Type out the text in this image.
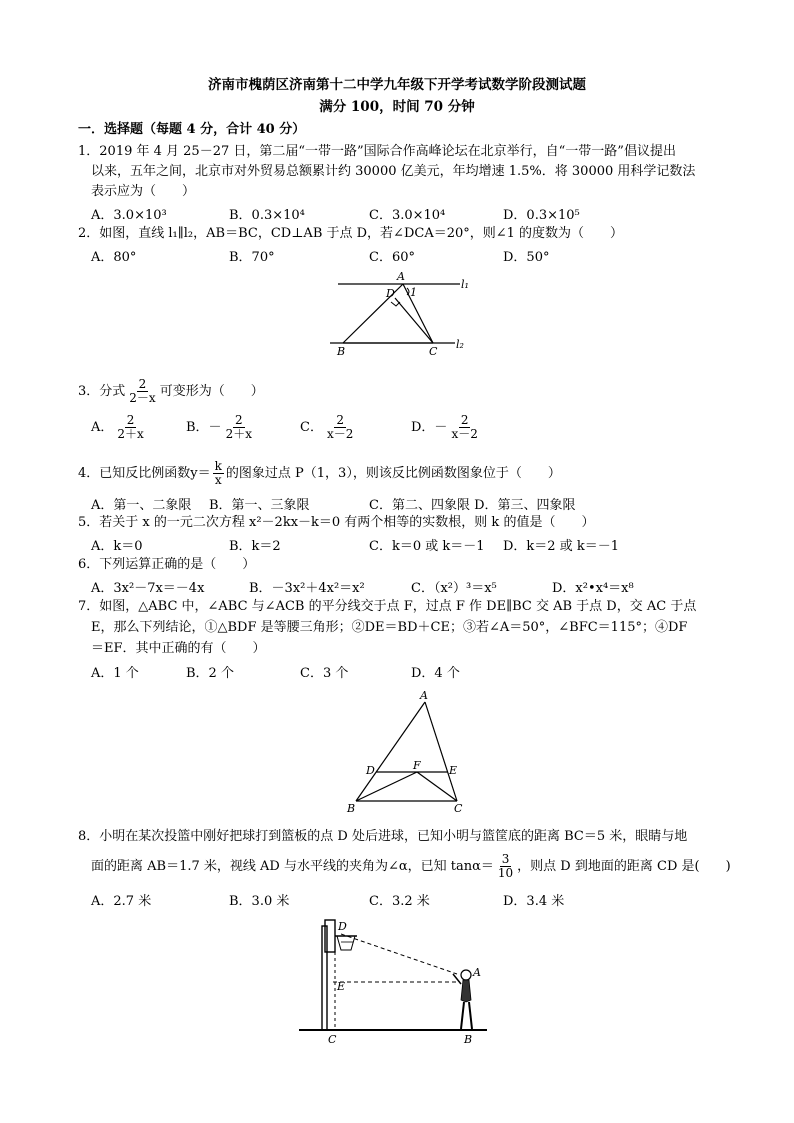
济南市槐荫区济南第十二中学九年级下开学考试数学阶段测试题
满分 100，时间 70 分钟
一．选择题（每题 4 分，合计 40 分）
1．2019 年 4 月 25－27 日，第二届“一带一路”国际合作高峰论坛在北京举行，自“一带一路”倡议提出
以来，五年之间，北京市对外贸易总额累计约 30000 亿美元，年均增速 1.5%．将 30000 用科学记数法
表示应为（　　）
A．3.0×10³	B．0.3×10⁴	C．3.0×10⁴	D．0.3×10⁵
2．如图，直线 l₁∥l₂，AB＝BC，CD⊥AB 于点 D，若∠DCA＝20°，则∠1 的度数为（　　）
A．80°	B．70°	C．60°	D．50°
A
D 1
l₁
l₂
B	C
3．分式 $\frac{2}{2-x}$ 可变形为（　　）
A． $\frac{2}{2+x}$	B．－ $\frac{2}{2+x}$	C． $\frac{2}{x-2}$	D．－ $\frac{2}{x-2}$
4．已知反比例函数$y= \frac{k}{x}$ 的图象过点 P（1，3），则该反比例函数图象位于（　　）
A．第一、二象限 B．第一、三象限	C．第二、四象限 D．第三、四象限
5．若关于 x 的一元二次方程 x²－2kx－k＝0 有两个相等的实数根，则 k 的值是（　　）
A．k＝0	B．k＝2	C．k＝0 或 k＝－1 D．k＝2 或 k＝－1
6．下列运算正确的是（　　）
A．3x²－7x＝－4x	B．－3x²＋4x²＝x²	C．（x²）³＝x⁵	D．x²•x⁴＝x⁸
7．如图，△ABC 中，∠ABC 与∠ACB 的平分线交于点 F，过点 F 作 DE∥BC 交 AB 于点 D，交 AC 于点
E，那么下列结论，①△BDF 是等腰三角形；②DE＝BD＋CE；③若∠A＝50°，∠BFC＝115°；④DF
＝EF．其中正确的有（　　）
A．1 个	B．2 个	C．3 个	D．4 个
A
D	F	E
B	C
8．小明在某次投篮中刚好把球打到篮板的点 D 处后进球，已知小明与篮筐底的距离 BC＝5 米，眼睛与地
面的距离 AB＝1.7 米，视线 AD 与水平线的夹角为∠α，已知 $\tan\alpha= \frac{3}{10}$ ，则点 D 到地面的距离 CD 是(　　)
A．2.7 米	B．3.0 米	C．3.2 米	D．3.4 米
D
A
E
C	B
